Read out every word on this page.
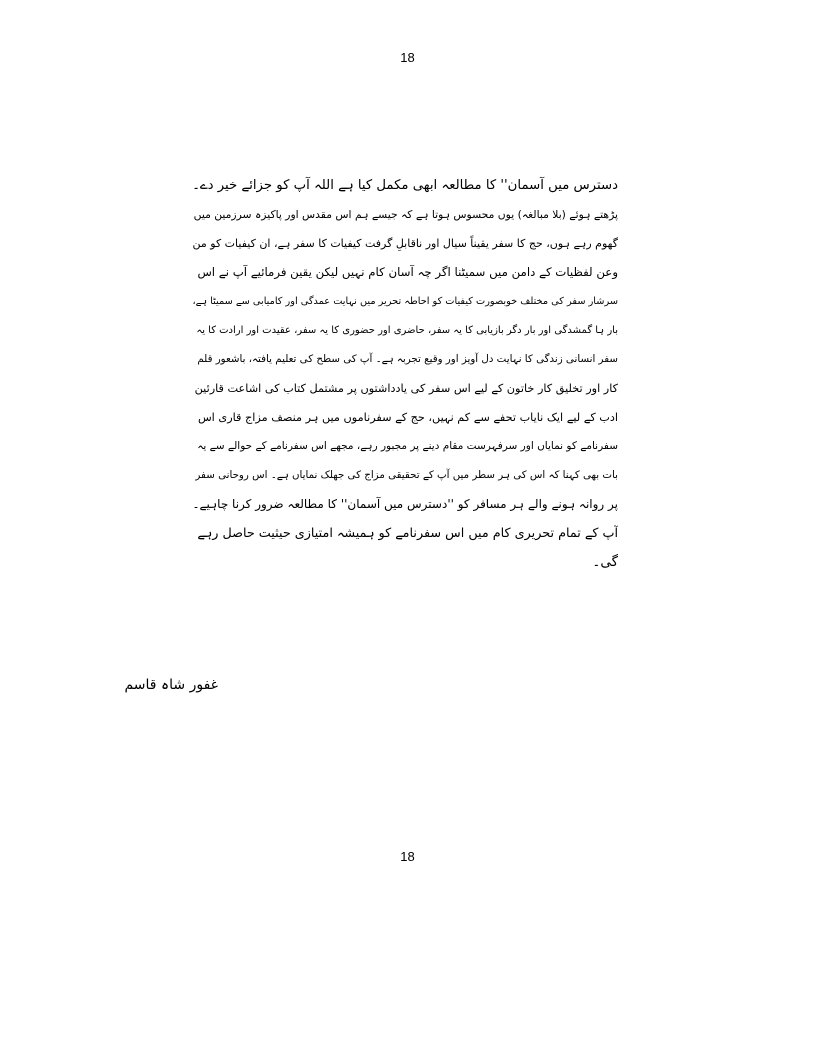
18
دسترس میں آسمان'' کا مطالعہ ابھی مکمل کیا ہے اللہ آپ کو جزائے خیر دے۔
پڑھتے ہوئے (بلا مبالغہ) یوں محسوس ہوتا ہے کہ جیسے ہم اس مقدس اور پاکیزہ سرزمین میں
گھوم رہے ہوں، حج کا سفر یقیناً سیال اور ناقابلِ گرفت کیفیات کا سفر ہے، ان کیفیات کو من
وعن لفظیات کے دامن میں سمیٹنا اگر چہ آسان کام نہیں لیکن یقین فرمائیے آپ نے اس
سرشار سفر کی مختلف خوبصورت کیفیات کو احاطہ تحریر میں نہایت عمدگی اور کامیابی سے سمیٹا ہے،
بار ہا گمشدگی اور بار دگر بازیابی کا یہ سفر، حاضری اور حضوری کا یہ سفر، عقیدت اور ارادت کا یہ
سفر انسانی زندگی کا نہایت دل آویز اور وقیع تجربہ ہے۔ آپ کی سطح کی تعلیم یافتہ، باشعور قلم
کار اور تخلیق کار خاتون کے لیے اس سفر کی یادداشتوں پر مشتمل کتاب کی اشاعت قارئین
ادب کے لیے ایک نایاب تحفے سے کم نہیں، حج کے سفرناموں میں ہر منصف مزاج قاری اس
سفرنامے کو نمایاں اور سرفہرست مقام دینے پر مجبور رہے، مجھے اس سفرنامے کے حوالے سے یہ
بات بھی کہنا کہ اس کی ہر سطر میں آپ کے تحقیقی مزاج کی جھلک نمایاں ہے۔ اس روحانی سفر
پر روانہ ہونے والے ہر مسافر کو ''دسترس میں آسمان'' کا مطالعہ ضرور کرنا چاہیے۔
آپ کے تمام تحریری کام میں اس سفرنامے کو ہمیشہ امتیازی حیثیت حاصل رہے
گی۔
غفور شاہ قاسم
18
